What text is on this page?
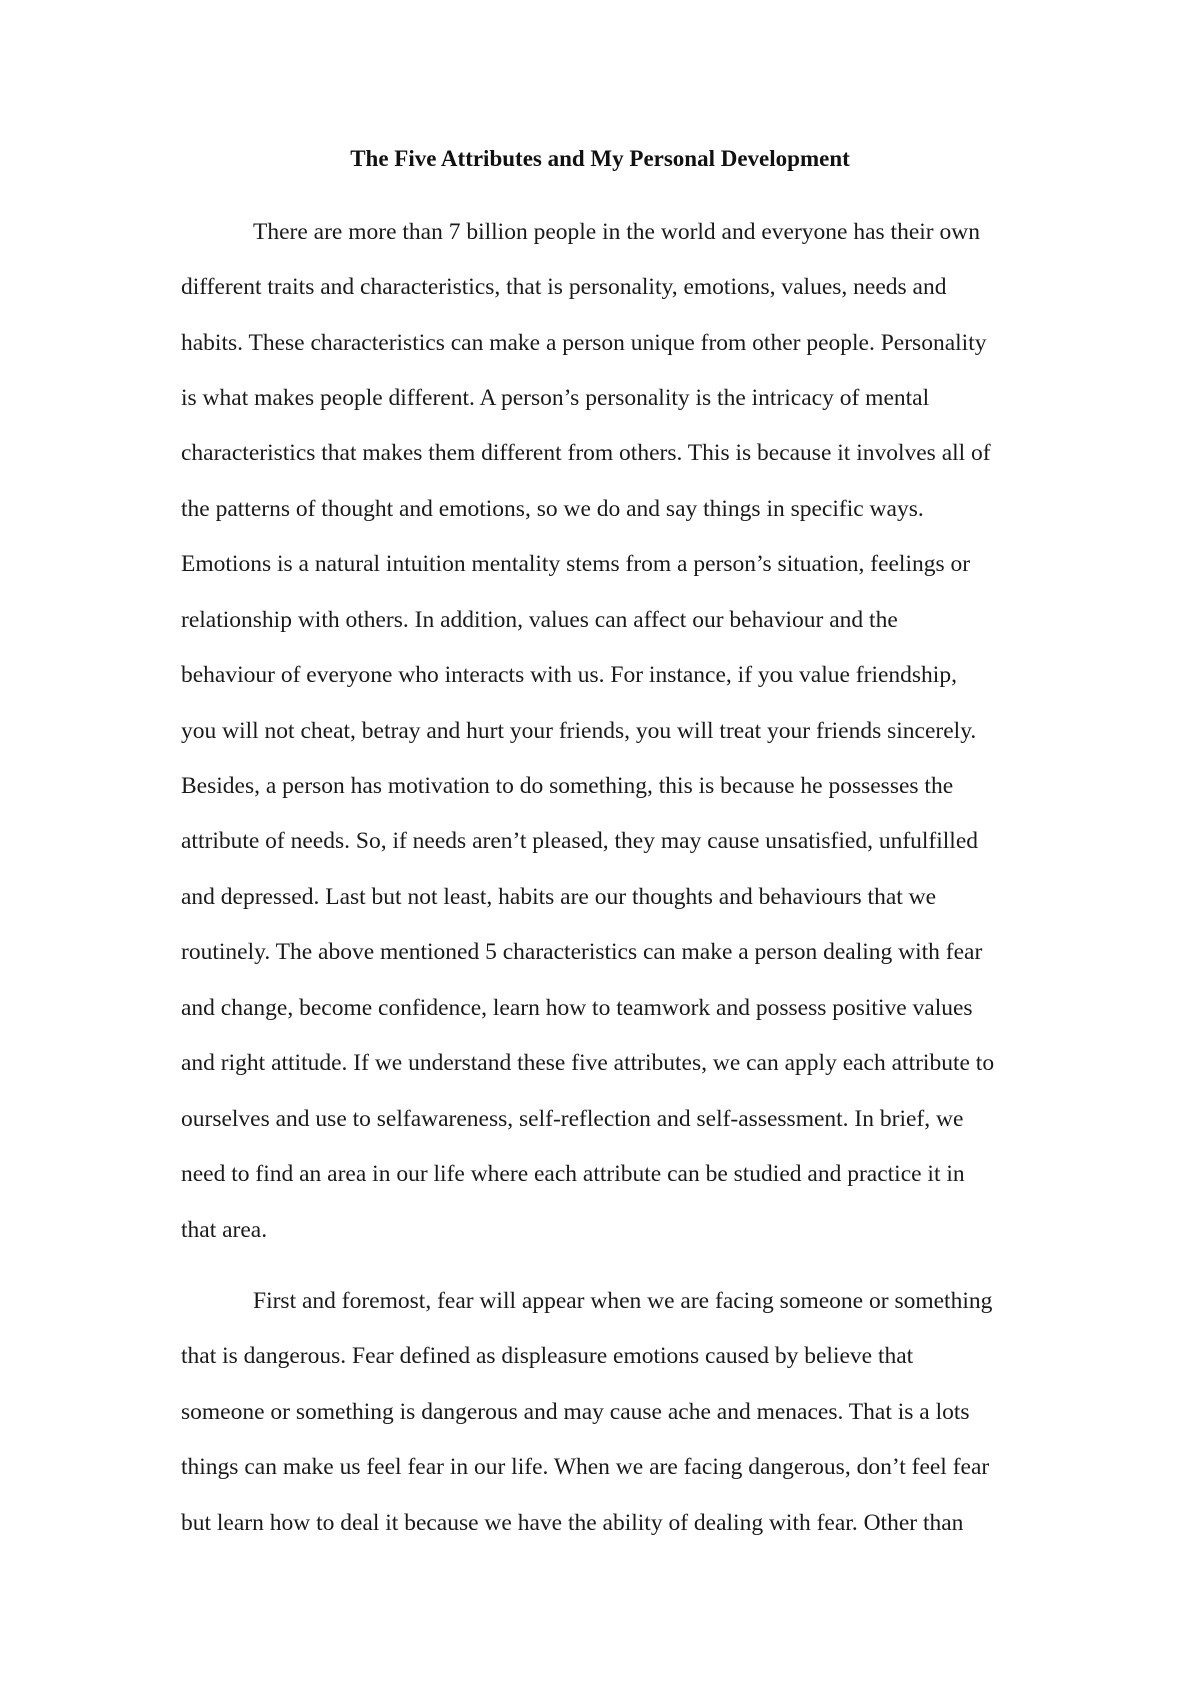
The Five Attributes and My Personal Development

There are more than 7 billion people in the world and everyone has their own

different traits and characteristics, that is personality, emotions, values, needs and

habits. These characteristics can make a person unique from other people. Personality

is what makes people different. A person’s personality is the intricacy of mental

characteristics that makes them different from others. This is because it involves all of

the patterns of thought and emotions, so we do and say things in specific ways.

Emotions is a natural intuition mentality stems from a person’s situation, feelings or

relationship with others. In addition, values can affect our behaviour and the

behaviour of everyone who interacts with us. For instance, if you value friendship,

you will not cheat, betray and hurt your friends, you will treat your friends sincerely.

Besides, a person has motivation to do something, this is because he possesses the

attribute of needs. So, if needs aren’t pleased, they may cause unsatisfied, unfulfilled

and depressed. Last but not least, habits are our thoughts and behaviours that we

routinely. The above mentioned 5 characteristics can make a person dealing with fear

and change, become confidence, learn how to teamwork and possess positive values

and right attitude. If we understand these five attributes, we can apply each attribute to

ourselves and use to selfawareness, self-reflection and self-assessment. In brief, we

need to find an area in our life where each attribute can be studied and practice it in

that area.

First and foremost, fear will appear when we are facing someone or something

that is dangerous. Fear defined as displeasure emotions caused by believe that

someone or something is dangerous and may cause ache and menaces. That is a lots

things can make us feel fear in our life. When we are facing dangerous, don’t feel fear

but learn how to deal it because we have the ability of dealing with fear. Other than
